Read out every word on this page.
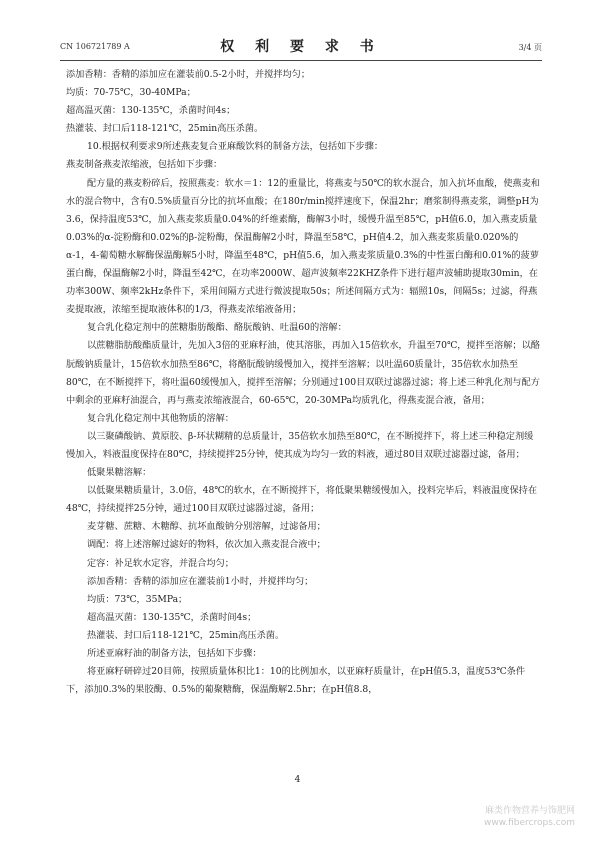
CN 106721789 A	权 利 要 求 书	3/4 页

添加香精：香精的添加应在灌装前0.5-2小时，并搅拌均匀；

均质：70-75℃，30-40MPa；

超高温灭菌：130-135℃，杀菌时间4s；

热灌装、封口后118-121℃，25min高压杀菌。

10.根据权利要求9所述燕麦复合亚麻酸饮料的制备方法，包括如下步骤：

燕麦制备燕麦浓缩液，包括如下步骤：

配方量的燕麦粉碎后，按照燕麦：软水＝1：12的重量比，将燕麦与50℃的软水混合，加入抗坏血酸，使燕麦和水的混合物中，含有0.5%质量百分比的抗坏血酸；在180r/min搅拌速度下，保温2hr；磨浆制得燕麦浆，调整pH为3.6，保持温度53℃，加入燕麦浆质量0.04%的纤维素酶，酶解3小时，缓慢升温至85℃，pH值6.0，加入燕麦质量0.03%的α-淀粉酶和0.02%的β-淀粉酶，保温酶解2小时，降温至58℃，pH值4.2，加入燕麦浆质量0.020%的α-1，4-葡萄糖水解酶保温酶解5小时，降温至48℃，pH值5.6，加入燕麦浆质量0.3%的中性蛋白酶和0.01%的菠萝蛋白酶，保温酶解2小时，降温至42℃，在功率2000W、超声波频率22KHZ条件下进行超声波辅助提取30min，在功率300W、频率2kHz条件下，采用间隔方式进行微波提取50s；所述间隔方式为：辐照10s，间隔5s；过滤，得燕麦提取液，浓缩至提取液体积的1/3，得燕麦浓缩液备用；

复合乳化稳定剂中的蔗糖脂肪酸酯、酪朊酸钠、吐温60的溶解：

以蔗糖脂肪酸酯质量计，先加入3倍的亚麻籽油，使其溶胀，再加入15倍软水，升温至70℃，搅拌至溶解；以酪朊酸钠质量计，15倍软水加热至86℃，将酪朊酸钠缓慢加入，搅拌至溶解；以吐温60质量计，35倍软水加热至80℃，在不断搅拌下，将吐温60缓慢加入，搅拌至溶解；分别通过100目双联过滤器过滤；将上述三种乳化剂与配方中剩余的亚麻籽油混合，再与燕麦浓缩液混合，60-65℃，20-30MPa均质乳化，得燕麦混合液，备用；

复合乳化稳定剂中其他物质的溶解：

以三聚磷酸钠、黄原胶、β-环状糊精的总质量计，35倍软水加热至80℃，在不断搅拌下，将上述三种稳定剂缓慢加入，料液温度保持在80℃，持续搅拌25分钟，使其成为均匀一致的料液，通过80目双联过滤器过滤，备用；

低聚果糖溶解：

以低聚果糖质量计，3.0倍，48℃的软水，在不断搅拌下，将低聚果糖缓慢加入，投料完毕后，料液温度保持在48℃，持续搅拌25分钟，通过100目双联过滤器过滤，备用；

麦芽糖、蔗糖、木糖醇、抗坏血酸钠分别溶解，过滤备用；

调配：将上述溶解过滤好的物料，依次加入燕麦混合液中；

定容：补足软水定容，并混合均匀；

添加香精：香精的添加应在灌装前1小时，并搅拌均匀；

均质：73℃，35MPa；

超高温灭菌：130-135℃，杀菌时间4s；

热灌装、封口后118-121℃，25min高压杀菌。

所述亚麻籽油的制备方法，包括如下步骤：

将亚麻籽研碎过20目筛，按照质量体积比1：10的比例加水，以亚麻籽质量计，在pH值5.3，温度53℃条件下，添加0.3%的果胶酶、0.5%的葡聚糖酶，保温酶解2.5hr；在pH值8.8，

4
麻类作物营养与饰肥网
www.fibercrops.com
